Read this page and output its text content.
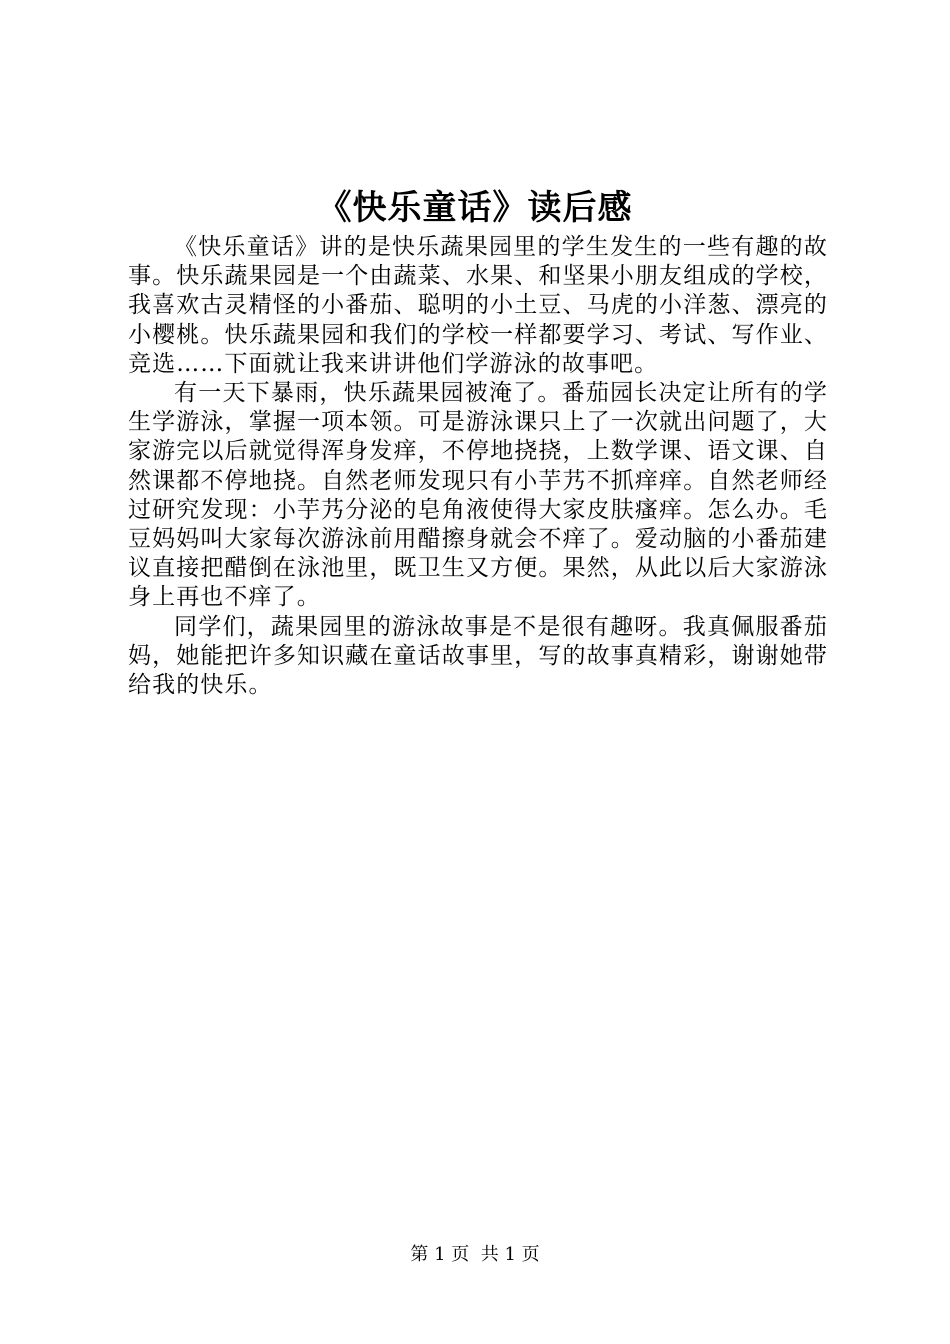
《快乐童话》读后感

《快乐童话》讲的是快乐蔬果园里的学生发生的一些有趣的故事。快乐蔬果园是一个由蔬菜、水果、和坚果小朋友组成的学校，我喜欢古灵精怪的小番茄、聪明的小土豆、马虎的小洋葱、漂亮的小樱桃。快乐蔬果园和我们的学校一样都要学习、考试、写作业、竞选……下面就让我来讲讲他们学游泳的故事吧。

有一天下暴雨，快乐蔬果园被淹了。番茄园长决定让所有的学生学游泳，掌握一项本领。可是游泳课只上了一次就出问题了，大家游完以后就觉得浑身发痒，不停地挠挠，上数学课、语文课、自然课都不停地挠。自然老师发现只有小芋艿不抓痒痒。自然老师经过研究发现：小芋艿分泌的皂角液使得大家皮肤瘙痒。怎么办。毛豆妈妈叫大家每次游泳前用醋擦身就会不痒了。爱动脑的小番茄建议直接把醋倒在泳池里，既卫生又方便。果然，从此以后大家游泳身上再也不痒了。

同学们，蔬果园里的游泳故事是不是很有趣呀。我真佩服番茄妈，她能把许多知识藏在童话故事里，写的故事真精彩，谢谢她带给我的快乐。

第 1 页 共 1 页
